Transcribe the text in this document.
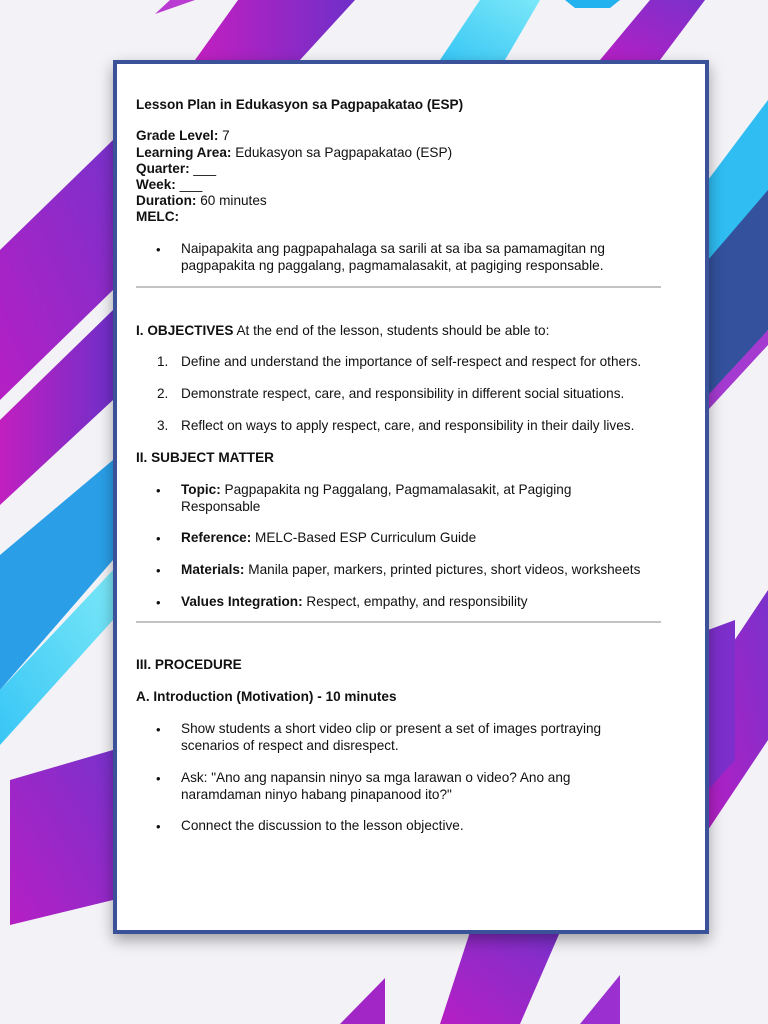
Lesson Plan in Edukasyon sa Pagpapakatao (ESP)
Grade Level: 7
Learning Area: Edukasyon sa Pagpapakatao (ESP)
Quarter: ___
Week: ___
Duration: 60 minutes
MELC:
• Naipapakita ang pagpapahalaga sa sarili at sa iba sa pamamagitan ng pagpapakita ng paggalang, pagmamalasakit, at pagiging responsable.
I. OBJECTIVES At the end of the lesson, students should be able to:
1. Define and understand the importance of self-respect and respect for others.
2. Demonstrate respect, care, and responsibility in different social situations.
3. Reflect on ways to apply respect, care, and responsibility in their daily lives.
II. SUBJECT MATTER
• Topic: Pagpapakita ng Paggalang, Pagmamalasakit, at Pagiging Responsable
• Reference: MELC-Based ESP Curriculum Guide
• Materials: Manila paper, markers, printed pictures, short videos, worksheets
• Values Integration: Respect, empathy, and responsibility
III. PROCEDURE
A. Introduction (Motivation) - 10 minutes
• Show students a short video clip or present a set of images portraying scenarios of respect and disrespect.
• Ask: "Ano ang napansin ninyo sa mga larawan o video? Ano ang naramdaman ninyo habang pinapanood ito?"
• Connect the discussion to the lesson objective.
